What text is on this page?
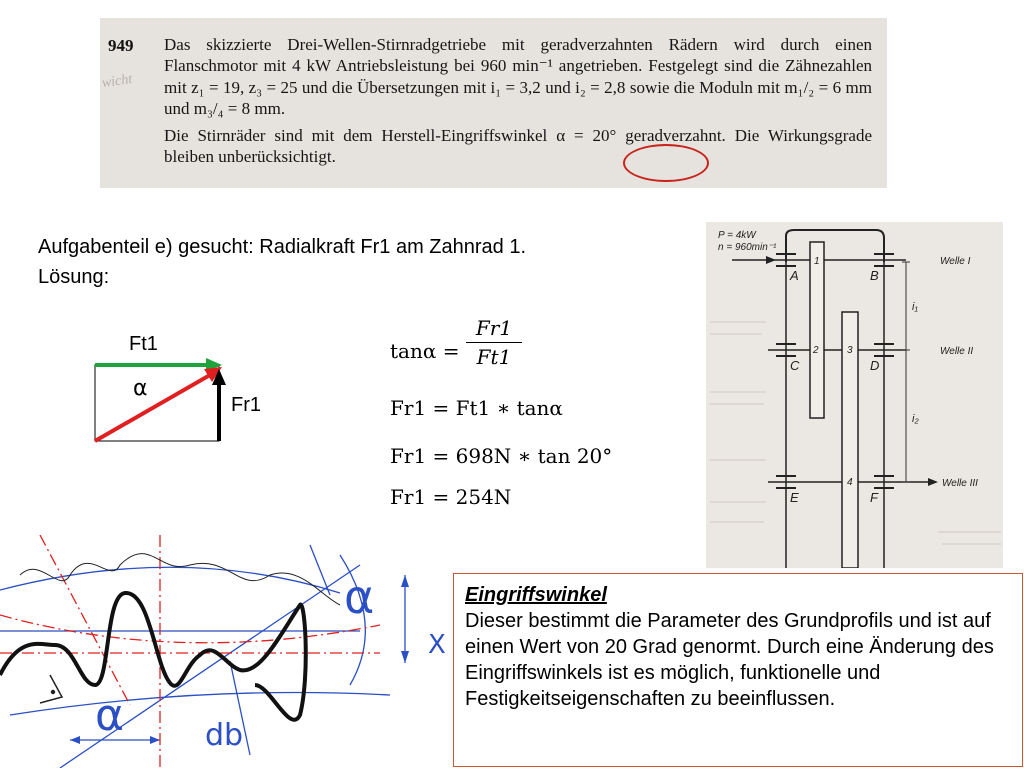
949
wicht

Das skizzierte Drei-Wellen-Stirnradgetriebe mit geradverzahnten Rädern wird durch einen Flanschmotor mit 4 kW Antriebsleistung bei 960 min⁻¹ angetrieben. Festgelegt sind die Zähnezahlen mit z₁ = 19, z₃ = 25 und die Übersetzungen mit i₁ = 3,2 und i₂ = 2,8 sowie die Moduln mit m₁/₂ = 6 mm und m₃/₄ = 8 mm.

Die Stirnräder sind mit dem Herstell-Eingriffswinkel α = 20° geradverzahnt. Die Wirkungsgrade bleiben unberücksichtigt.

Aufgabenteil e) gesucht: Radialkraft Fr1 am Zahnrad 1.
Lösung:
Ft1
α
Fr1
$\tan\alpha = \frac{Fr1}{Ft1}$
Fr1 = Ft1 ∗ tanα
Fr1 = 698N ∗ tan 20°
Fr1 = 254N
P = 4kW
n = 960min⁻¹
A	B
C	D
E	F
1
2	3
4
Welle I
Welle II
Welle III
i₁
i₂
α
α
X
db
Eingriffswinkel
Dieser bestimmt die Parameter des Grundprofils und ist auf einen Wert von 20 Grad genormt. Durch eine Änderung des Eingriffswinkels ist es möglich, funktionelle und Festigkeitseigenschaften zu beeinflussen.
